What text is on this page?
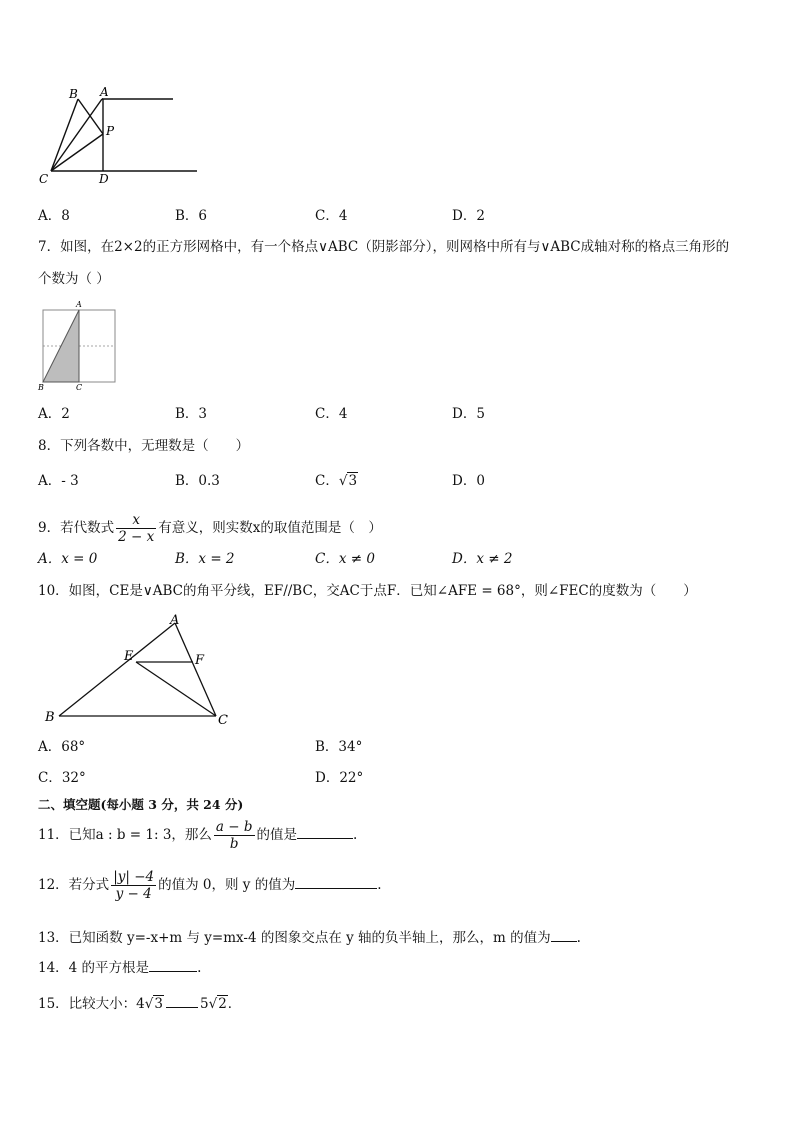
B A
P
C	D
A．8	B．6	C．4	D．2
7．如图，在2×2的正方形网格中，有一个格点∨ABC（阴影部分），则网格中所有与∨ABC成轴对称的格点三角形的
个数为（ ）
A
B	C
A．2	B．3	C．4	D．5
8．下列各数中，无理数是（　　）
A．- 3	B．0.3	C．√3	D．0
9．若代数式 $\frac{x}{2 - x}$ 有意义，则实数x的取值范围是（　）
A．x = 0	B．x = 2	C．x ≠ 0	D．x ≠ 2
10．如图，CE是∨ABC的角平分线，EF//BC，交AC于点F．已知∠AFE = 68°，则∠FEC的度数为（　　）
A
E	F
B	C
A．68°	B．34°
C．32°	D．22°
二、填空题(每小题 3 分，共 24 分)
11．已知a : b = 1: 3，那么 $\frac{a - b}{b}$ 的值是	.
12．若分式 $\frac{|y| -4}{y - 4}$ 的值为 0，则 y 的值为	.
13．已知函数 y=-x+m 与 y=mx-4 的图象交点在 y 轴的负半轴上，那么，m 的值为 .
14．4 的平方根是	.
15．比较大小：4√3	5√2．
